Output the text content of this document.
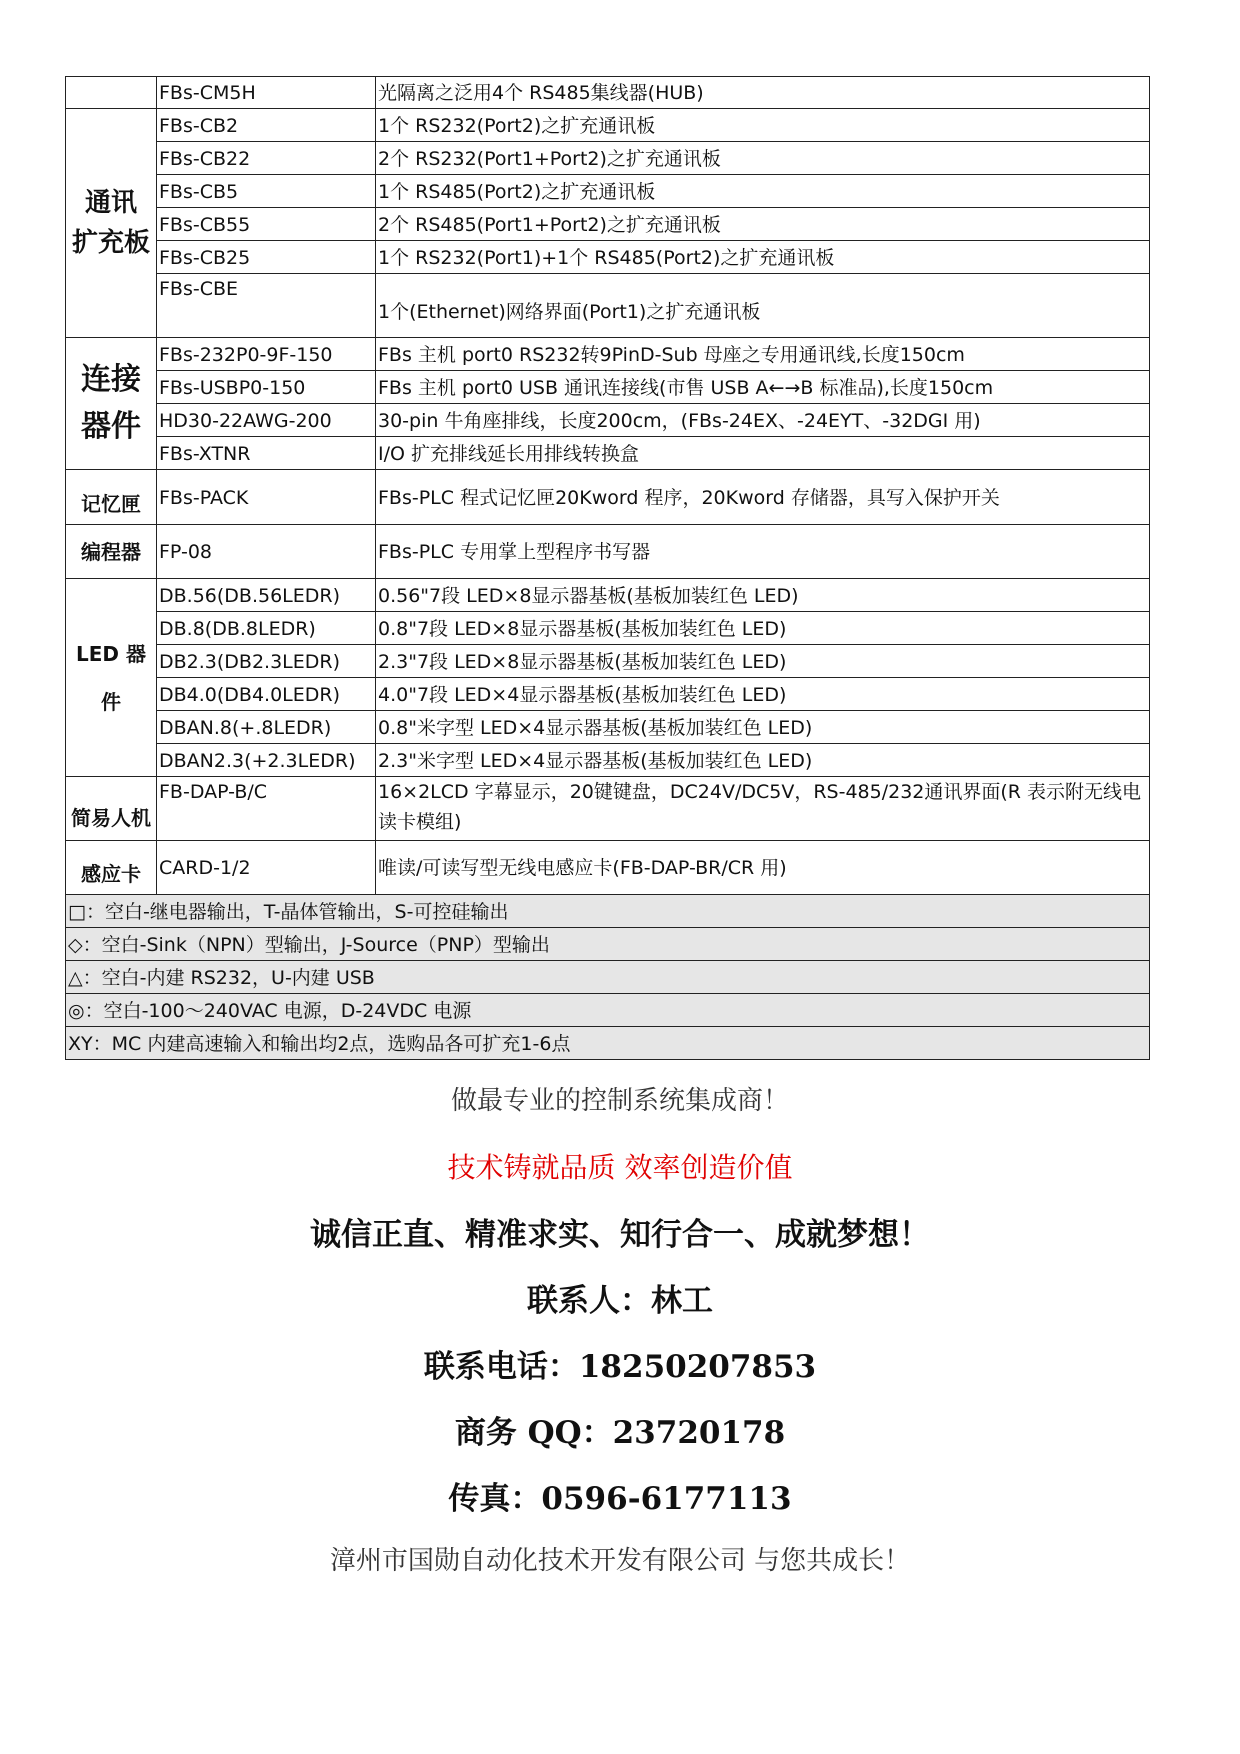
	FBs-CM5H	光隔离之泛用4个 RS485集线器(HUB)

通讯
扩充板	FBs-CB2	1个 RS232(Port2)之扩充通讯板
	FBs-CB22	2个 RS232(Port1+Port2)之扩充通讯板
	FBs-CB5	1个 RS485(Port2)之扩充通讯板
	FBs-CB55	2个 RS485(Port1+Port2)之扩充通讯板
	FBs-CB25	1个 RS232(Port1)+1个 RS485(Port2)之扩充通讯板
	FBs-CBE	1个(Ethernet)网络界面(Port1)之扩充通讯板

连接
器件	FBs-232P0-9F-150	FBs 主机 port0 RS232转9PinD-Sub 母座之专用通讯线,长度150cm
	FBs-USBP0-150	FBs 主机 port0 USB 通讯连接线(市售 USB A←→B 标准品),长度150cm
	HD30-22AWG-200	30-pin 牛角座排线，长度200cm，(FBs-24EX、-24EYT、-32DGI 用)
	FBs-XTNR	I/O 扩充排线延长用排线转换盒

记忆匣	FBs-PACK	FBs-PLC 程式记忆匣20Kword 程序，20Kword 存储器，具写入保护开关

编程器	FP-08	FBs-PLC 专用掌上型程序书写器

LED 器
件	DB.56(DB.56LEDR)	0.56"7段 LED×8显示器基板(基板加装红色 LED)
	DB.8(DB.8LEDR)	0.8"7段 LED×8显示器基板(基板加装红色 LED)
	DB2.3(DB2.3LEDR)	2.3"7段 LED×8显示器基板(基板加装红色 LED)
	DB4.0(DB4.0LEDR)	4.0"7段 LED×4显示器基板(基板加装红色 LED)
	DBAN.8(+.8LEDR)	0.8"米字型 LED×4显示器基板(基板加装红色 LED)
	DBAN2.3(+2.3LEDR)	2.3"米字型 LED×4显示器基板(基板加装红色 LED)

简易人机	FB-DAP-B/C	16×2LCD 字幕显示，20键键盘，DC24V/DC5V，RS-485/232通讯界面(R 表示附无线电读卡模组)

感应卡	CARD-1/2	唯读/可读写型无线电感应卡(FB-DAP-BR/CR 用)
□：空白-继电器输出，T-晶体管输出，S-可控硅输出		
◇：空白-Sink（NPN）型输出，J-Source（PNP）型输出		
△：空白-内建 RS232，U-内建 USB		
◎：空白-100～240VAC 电源，D-24VDC 电源		
XY：MC 内建高速输入和输出均2点，选购品各可扩充1-6点		
做最专业的控制系统集成商！
技术铸就品质 效率创造价值
诚信正直、精准求实、知行合一、成就梦想！
联系人：林工
联系电话：18250207853
商务 QQ：23720178
传真：0596-6177113
漳州市国勋自动化技术开发有限公司 与您共成长！
